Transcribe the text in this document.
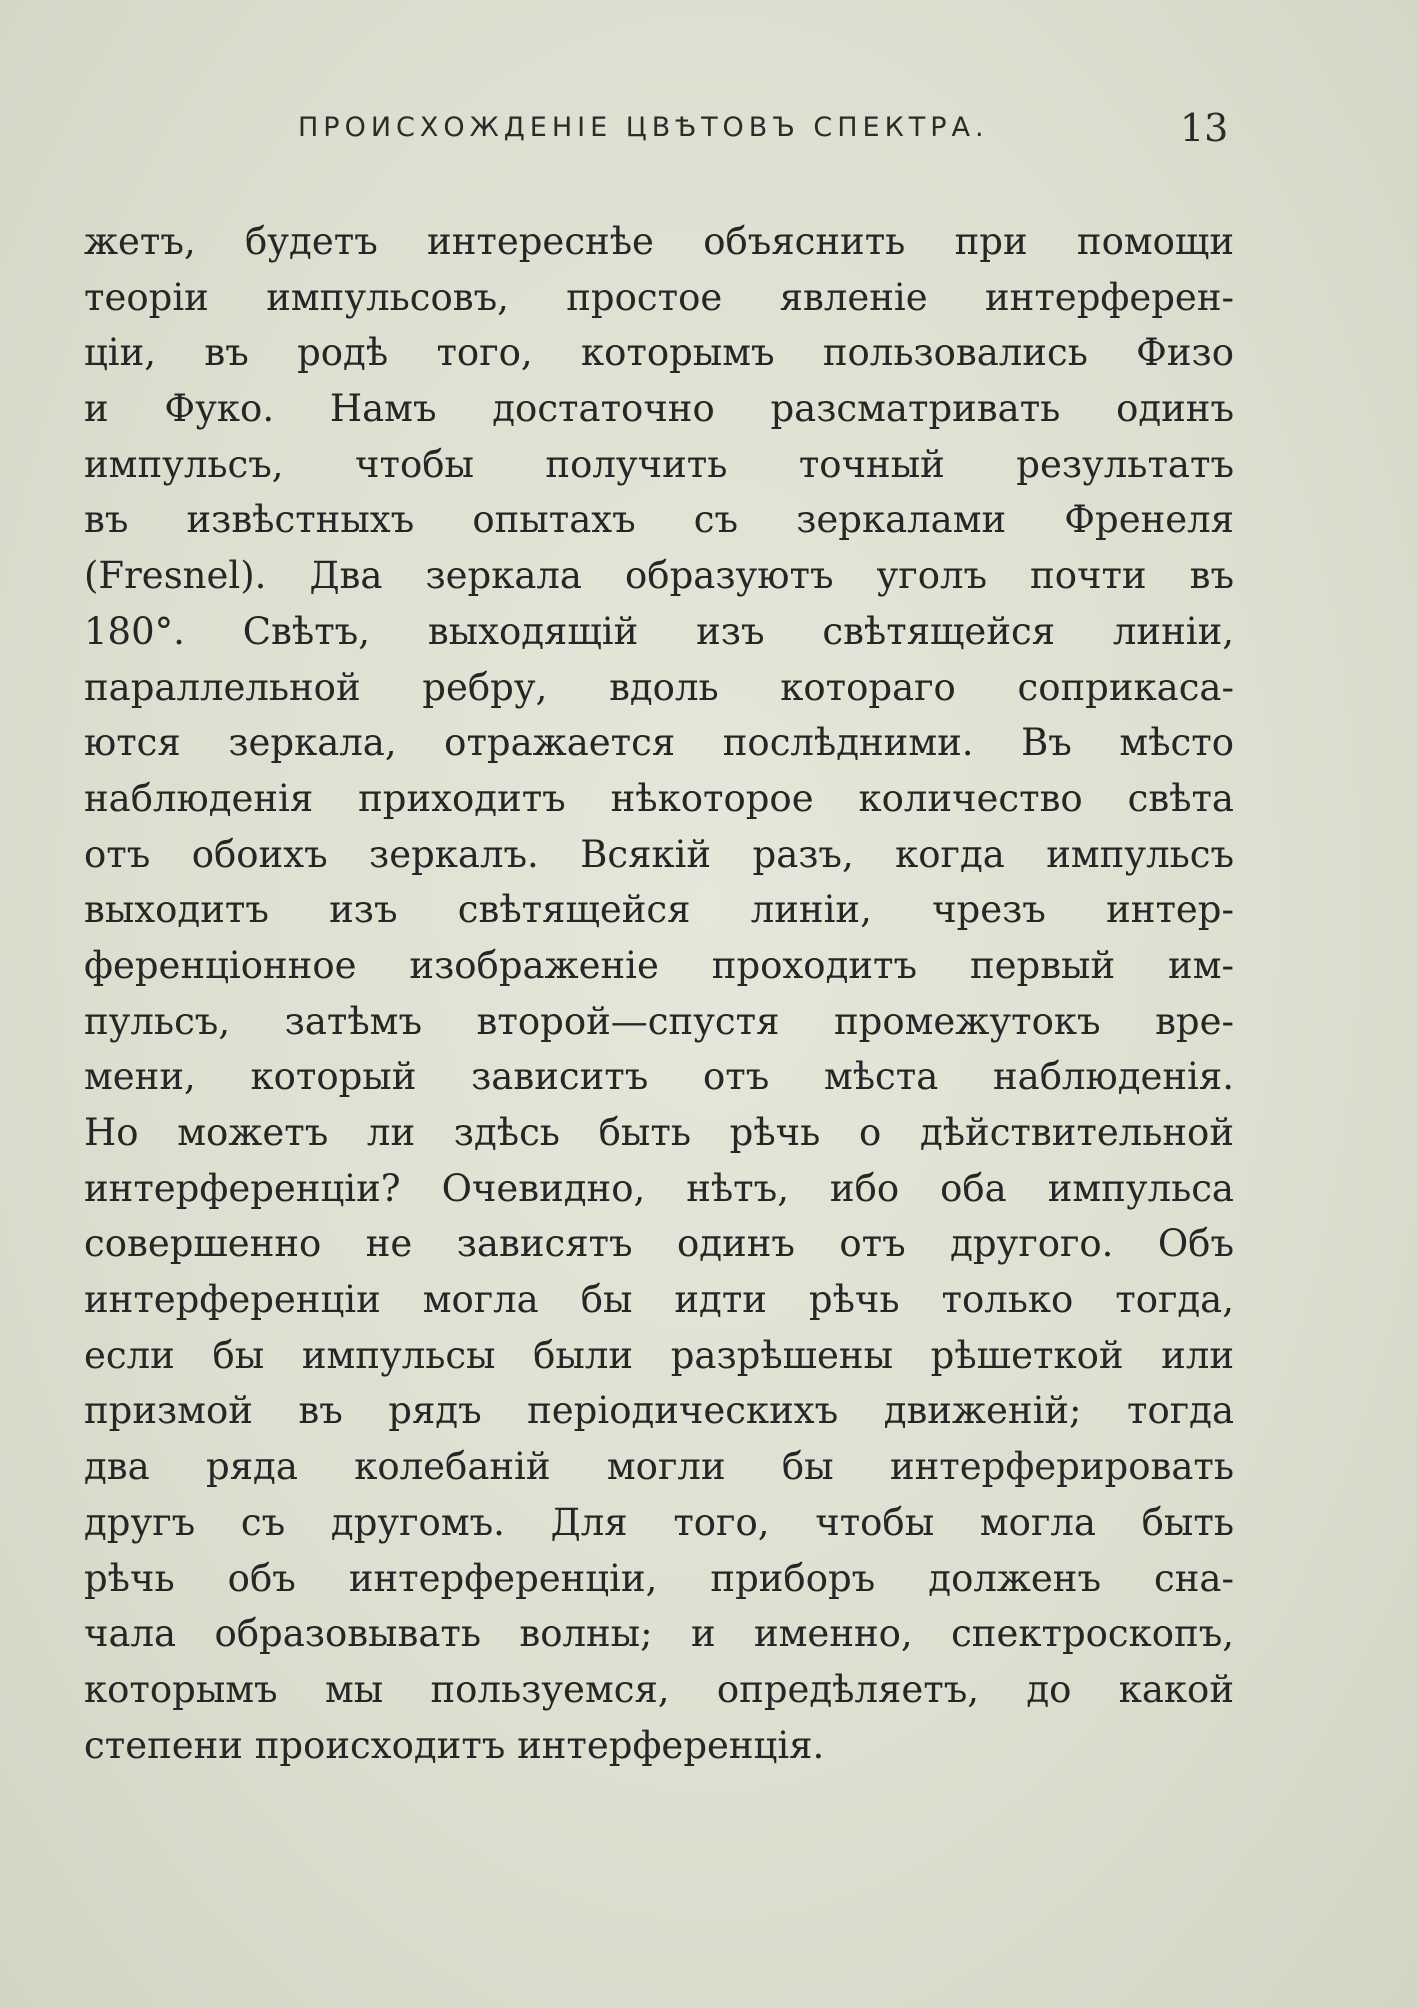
ПРОИСХОЖДЕНІЕ ЦВѢТОВЪ СПЕКТРА.	13
жетъ, будетъ интереснѣе объяснить при помощи
теоріи импульсовъ, простое явленіе интерферен-
ціи, въ родѣ того, которымъ пользовались Физо
и Фуко. Намъ достаточно разсматривать одинъ
импульсъ, чтобы получить точный результатъ
въ извѣстныхъ опытахъ съ зеркалами Френеля
(Fresnel). Два зеркала образуютъ уголъ почти въ
180°. Свѣтъ, выходящій изъ свѣтящейся линіи,
параллельной ребру, вдоль котораго соприкаса-
ются зеркала, отражается послѣдними. Въ мѣсто
наблюденія приходитъ нѣкоторое количество свѣта
отъ обоихъ зеркалъ. Всякій разъ, когда импульсъ
выходитъ изъ свѣтящейся линіи, чрезъ интер-
ференціонное изображеніе проходитъ первый им-
пульсъ, затѣмъ второй—спустя промежутокъ вре-
мени, который зависитъ отъ мѣста наблюденія.
Но можетъ ли здѣсь быть рѣчь о дѣйствительной
интерференціи? Очевидно, нѣтъ, ибо оба импульса
совершенно не зависятъ одинъ отъ другого. Объ
интерференціи могла бы идти рѣчь только тогда,
если бы импульсы были разрѣшены рѣшеткой или
призмой въ рядъ періодическихъ движеній; тогда
два ряда колебаній могли бы интерферировать
другъ съ другомъ. Для того, чтобы могла быть
рѣчь объ интерференціи, приборъ долженъ сна-
чала образовывать волны; и именно, спектроскопъ,
которымъ мы пользуемся, опредѣляетъ, до какой
степени происходитъ интерференція.
